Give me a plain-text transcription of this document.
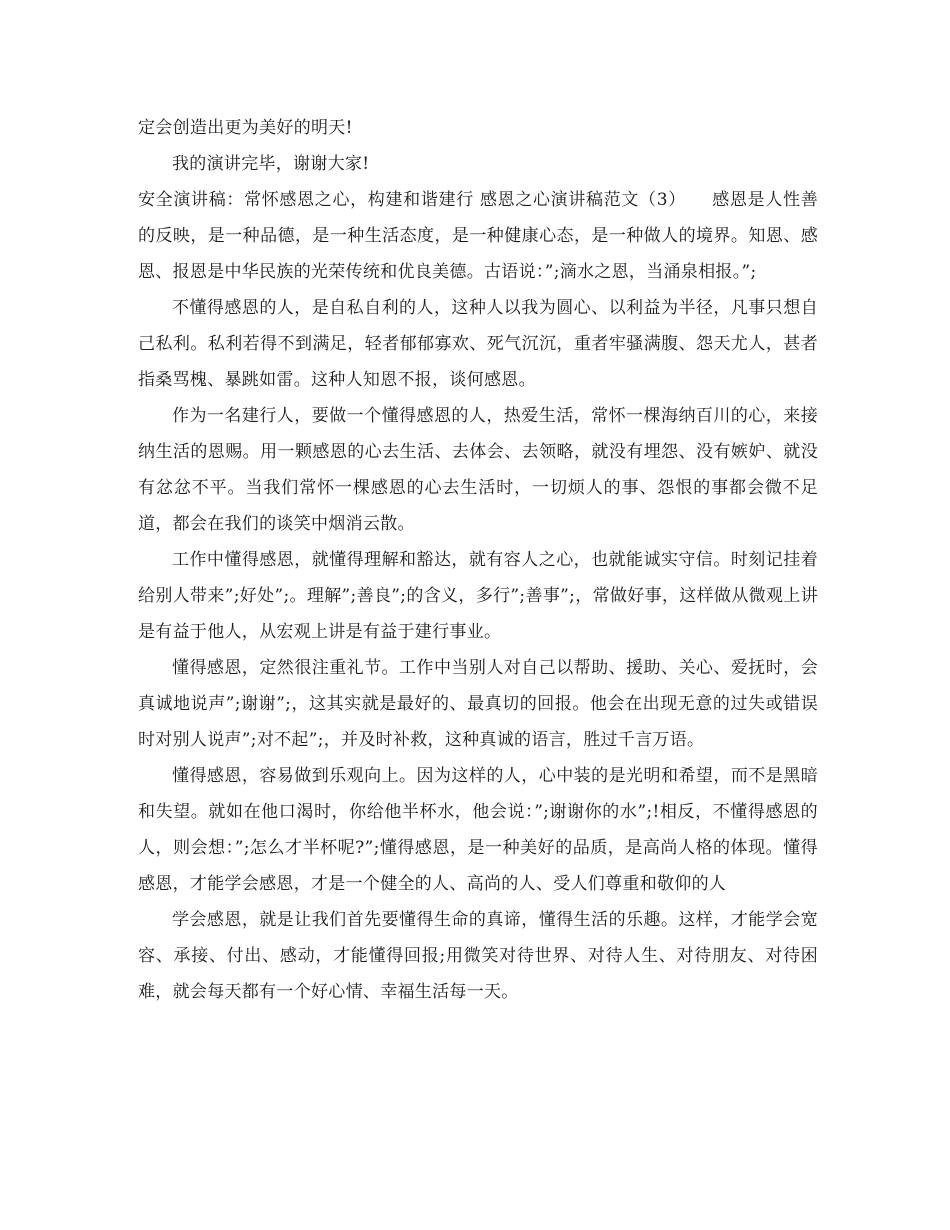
定会创造出更为美好的明天!

我的演讲完毕，谢谢大家!

安全演讲稿：常怀感恩之心，构建和谐建行 感恩之心演讲稿范文（3） 感恩是人性善的反映，是一种品德，是一种生活态度，是一种健康心态，是一种做人的境界。知恩、感恩、报恩是中华民族的光荣传统和优良美德。古语说：”;滴水之恩，当涌泉相报。”;

不懂得感恩的人，是自私自利的人，这种人以我为圆心、以利益为半径，凡事只想自己私利。私利若得不到满足，轻者郁郁寡欢、死气沉沉，重者牢骚满腹、怨天尤人，甚者指桑骂槐、暴跳如雷。这种人知恩不报，谈何感恩。

作为一名建行人，要做一个懂得感恩的人，热爱生活，常怀一棵海纳百川的心，来接纳生活的恩赐。用一颗感恩的心去生活、去体会、去领略，就没有埋怨、没有嫉妒、就没有忿忿不平。当我们常怀一棵感恩的心去生活时，一切烦人的事、怨恨的事都会微不足道，都会在我们的谈笑中烟消云散。

工作中懂得感恩，就懂得理解和豁达，就有容人之心，也就能诚实守信。时刻记挂着给别人带来”;好处”;。理解”;善良”;的含义，多行”;善事”;，常做好事，这样做从微观上讲是有益于他人，从宏观上讲是有益于建行事业。

懂得感恩，定然很注重礼节。工作中当别人对自己以帮助、援助、关心、爱抚时，会真诚地说声”;谢谢”;，这其实就是最好的、最真切的回报。他会在出现无意的过失或错误时对别人说声”;对不起”;，并及时补救，这种真诚的语言，胜过千言万语。

懂得感恩，容易做到乐观向上。因为这样的人，心中装的是光明和希望，而不是黑暗和失望。就如在他口渴时，你给他半杯水，他会说：”;谢谢你的水”;!相反，不懂得感恩的人，则会想：”;怎么才半杯呢?”;懂得感恩，是一种美好的品质，是高尚人格的体现。懂得感恩，才能学会感恩，才是一个健全的人、高尚的人、受人们尊重和敬仰的人

学会感恩，就是让我们首先要懂得生命的真谛，懂得生活的乐趣。这样，才能学会宽容、承接、付出、感动，才能懂得回报;用微笑对待世界、对待人生、对待朋友、对待困难，就会每天都有一个好心情、幸福生活每一天。
